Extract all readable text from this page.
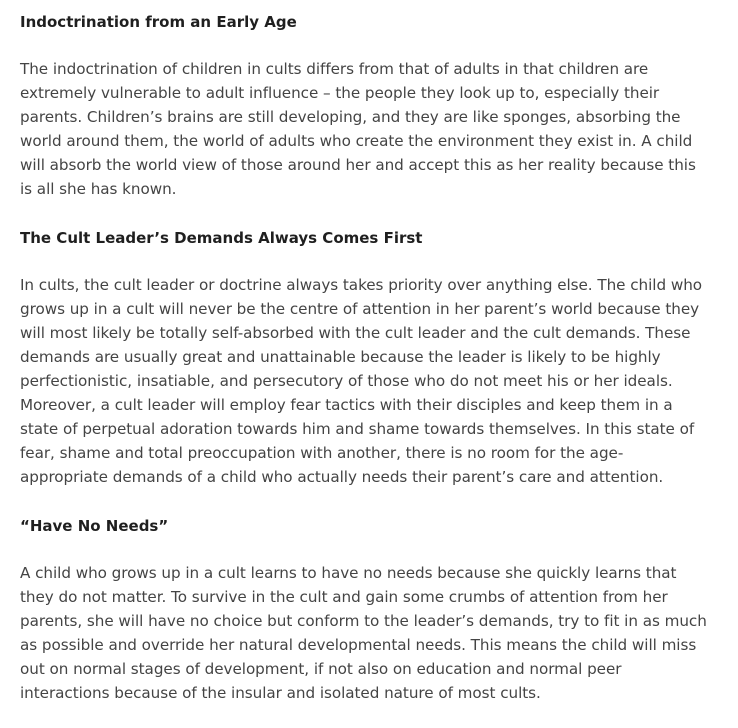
Indoctrination from an Early Age

The indoctrination of children in cults differs from that of adults in that children are extremely vulnerable to adult influence – the people they look up to, especially their parents. Children’s brains are still developing, and they are like sponges, absorbing the world around them, the world of adults who create the environment they exist in. A child will absorb the world view of those around her and accept this as her reality because this is all she has known.

The Cult Leader’s Demands Always Comes First

In cults, the cult leader or doctrine always takes priority over anything else. The child who grows up in a cult will never be the centre of attention in her parent’s world because they will most likely be totally self-absorbed with the cult leader and the cult demands. These demands are usually great and unattainable because the leader is likely to be highly perfectionistic, insatiable, and persecutory of those who do not meet his or her ideals. Moreover, a cult leader will employ fear tactics with their disciples and keep them in a state of perpetual adoration towards him and shame towards themselves. In this state of fear, shame and total preoccupation with another, there is no room for the age-appropriate demands of a child who actually needs their parent’s care and attention.

“Have No Needs”

A child who grows up in a cult learns to have no needs because she quickly learns that they do not matter. To survive in the cult and gain some crumbs of attention from her parents, she will have no choice but conform to the leader’s demands, try to fit in as much as possible and override her natural developmental needs. This means the child will miss out on normal stages of development, if not also on education and normal peer interactions because of the insular and isolated nature of most cults.
